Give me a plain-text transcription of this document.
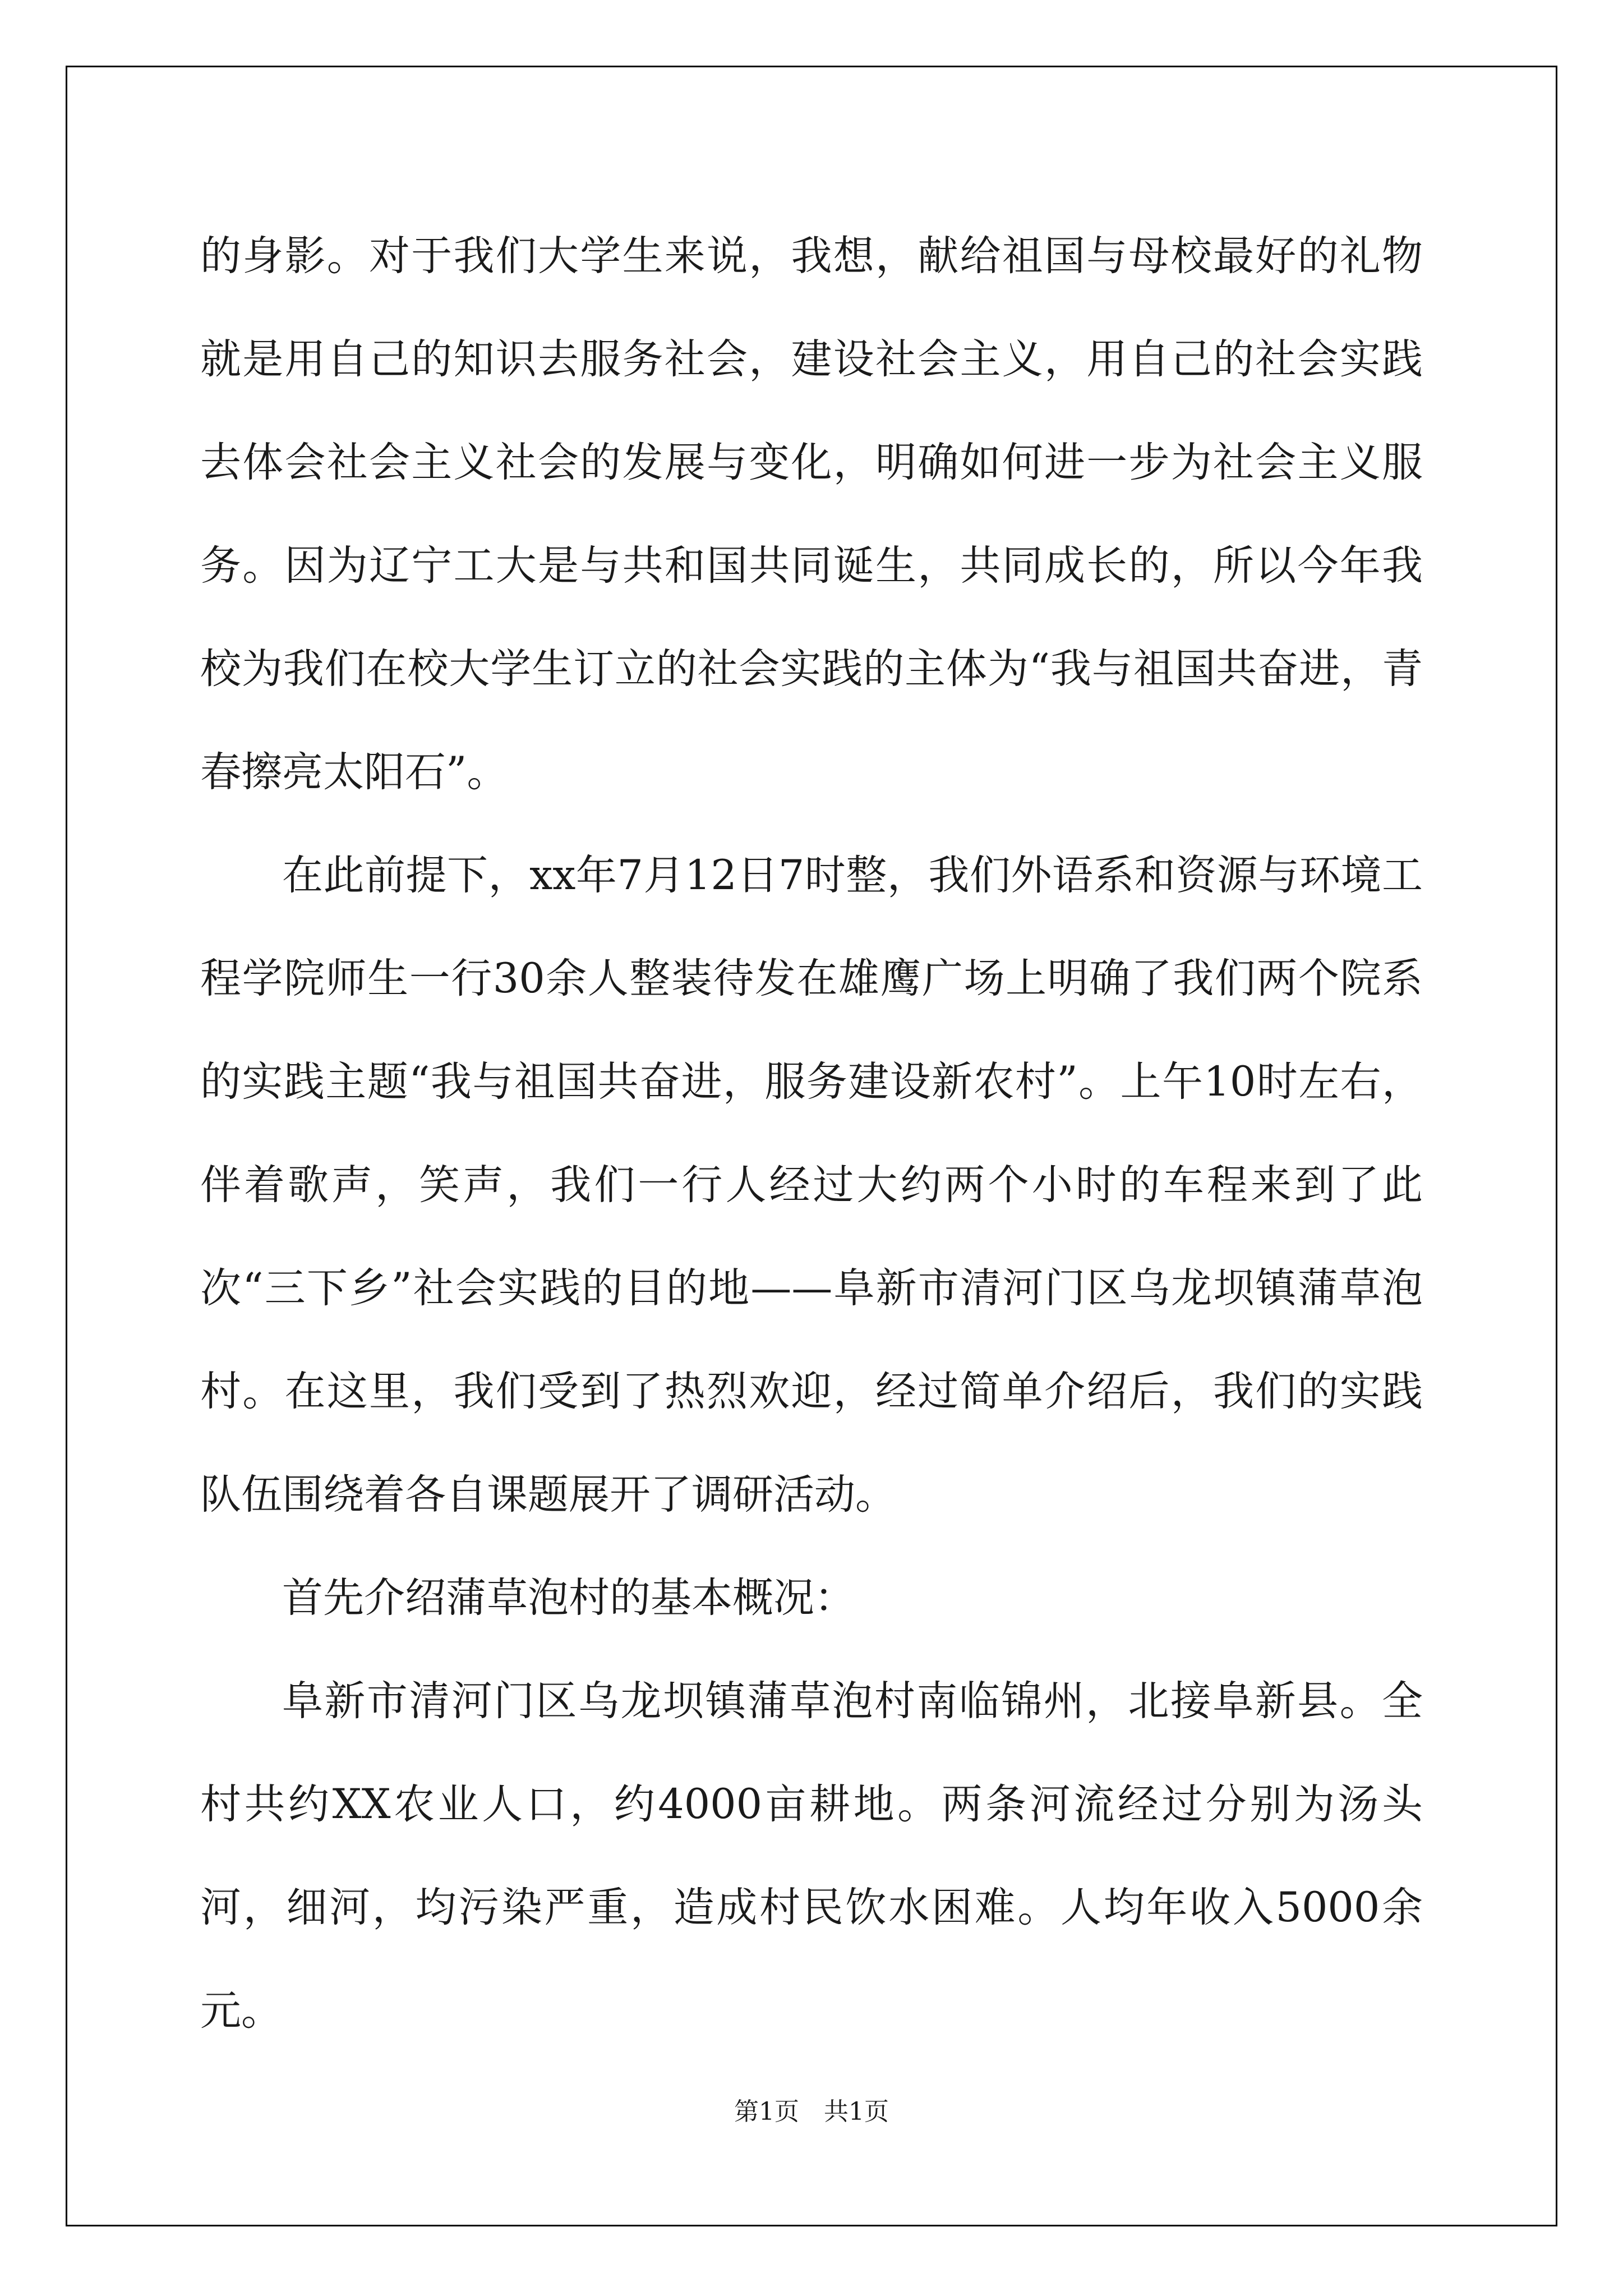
的身影。对于我们大学生来说，我想，献给祖国与母校最好的礼物就是用自己的知识去服务社会，建设社会主义，用自己的社会实践去体会社会主义社会的发展与变化，明确如何进一步为社会主义服务。因为辽宁工大是与共和国共同诞生，共同成长的，所以今年我校为我们在校大学生订立的社会实践的主体为“我与祖国共奋进，青春擦亮太阳石”。

在此前提下，xx年7月12日7时整，我们外语系和资源与环境工程学院师生一行30余人整装待发在雄鹰广场上明确了我们两个院系的实践主题“我与祖国共奋进，服务建设新农村”。上午10时左右，伴着歌声，笑声，我们一行人经过大约两个小时的车程来到了此次“三下乡”社会实践的目的地——阜新市清河门区乌龙坝镇蒲草泡村。在这里，我们受到了热烈欢迎，经过简单介绍后，我们的实践队伍围绕着各自课题展开了调研活动。

首先介绍蒲草泡村的基本概况：

阜新市清河门区乌龙坝镇蒲草泡村南临锦州，北接阜新县。全村共约XX农业人口，约4000亩耕地。两条河流经过分别为汤头河，细河，均污染严重，造成村民饮水困难。人均年收入5000余元。

第1页　共1页
